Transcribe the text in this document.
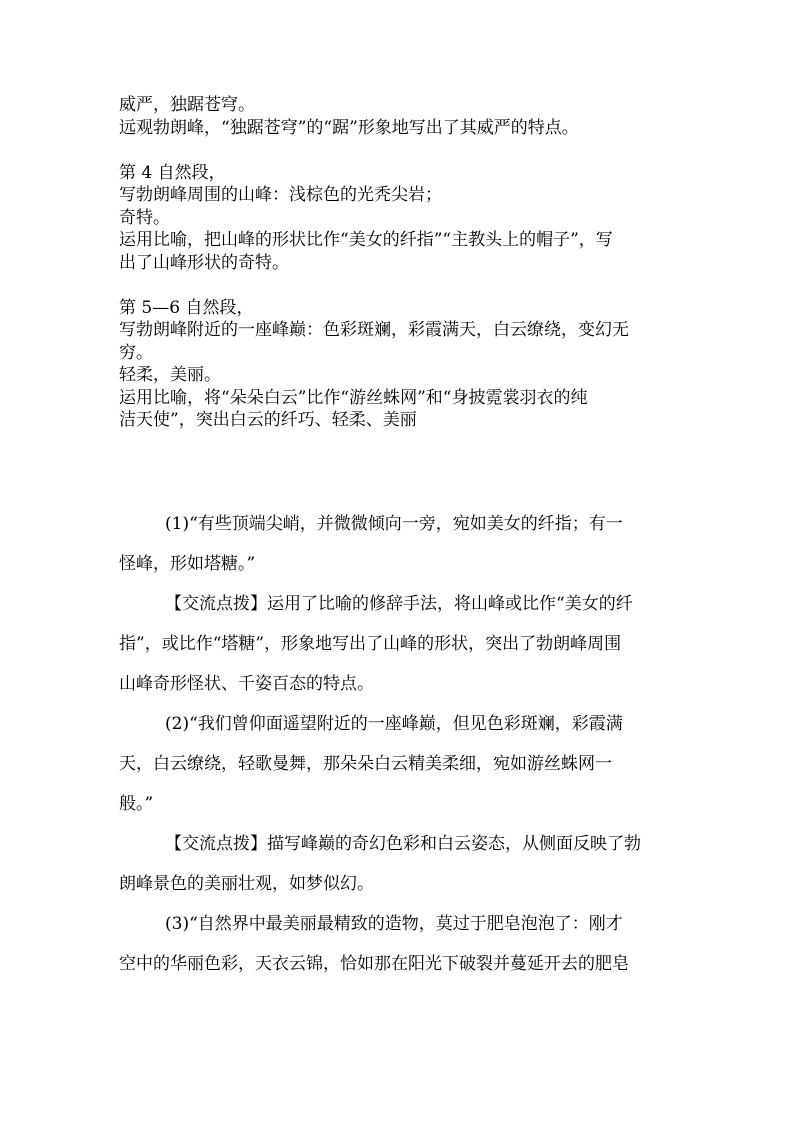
威严，独踞苍穹。

远观勃朗峰，“独踞苍穹”的“踞”形象地写出了其威严的特点。

第 4 自然段，

写勃朗峰周围的山峰：浅棕色的光秃尖岩；

奇特。

运用比喻，把山峰的形状比作“美女的纤指”“主教头上的帽子”，写

出了山峰形状的奇特。

第 5—6 自然段，

写勃朗峰附近的一座峰巅：色彩斑斓，彩霞满天，白云缭绕，变幻无

穷。

轻柔，美丽。

运用比喻，将“朵朵白云”比作“游丝蛛网”和“身披霓裳羽衣的纯

洁天使”，突出白云的纤巧、轻柔、美丽

(1)“有些顶端尖峭，并微微倾向一旁，宛如美女的纤指；有一
怪峰，形如塔糖。”

【交流点拨】运用了比喻的修辞手法，将山峰或比作“美女的纤
指”，或比作“塔糖”，形象地写出了山峰的形状，突出了勃朗峰周围
山峰奇形怪状、千姿百态的特点。

(2)“我们曾仰面遥望附近的一座峰巅，但见色彩斑斓，彩霞满
天，白云缭绕，轻歌曼舞，那朵朵白云精美柔细，宛如游丝蛛网一
般。”

【交流点拨】描写峰巅的奇幻色彩和白云姿态，从侧面反映了勃
朗峰景色的美丽壮观，如梦似幻。

(3)“自然界中最美丽最精致的造物，莫过于肥皂泡泡了：刚才
空中的华丽色彩，天衣云锦，恰如那在阳光下破裂并蔓延开去的肥皂
